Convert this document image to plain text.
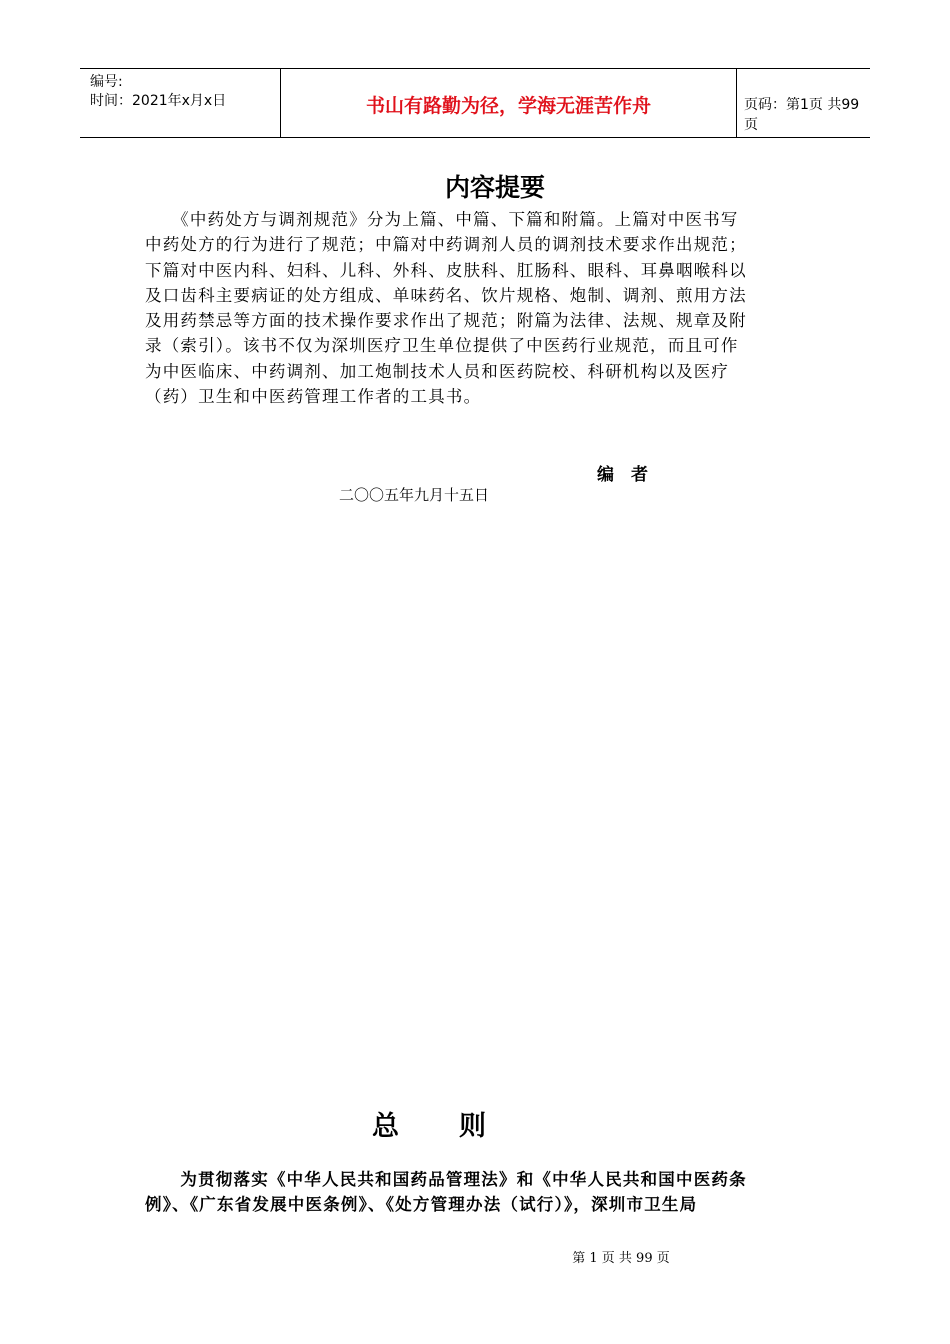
编号:
时间：2021年x月x日	书山有路勤为径，学海无涯苦作舟	页码：第1页 共99页
内容提要
　　《中药处方与调剂规范》分为上篇、中篇、下篇和附篇。上篇对中医书写
中药处方的行为进行了规范；中篇对中药调剂人员的调剂技术要求作出规范；
下篇对中医内科、妇科、儿科、外科、皮肤科、肛肠科、眼科、耳鼻咽喉科以
及口齿科主要病证的处方组成、单味药名、饮片规格、炮制、调剂、煎用方法
及用药禁忌等方面的技术操作要求作出了规范；附篇为法律、法规、规章及附
录（索引）。该书不仅为深圳医疗卫生单位提供了中医药行业规范，而且可作
为中医临床、中药调剂、加工炮制技术人员和医药院校、科研机构以及医疗
（药）卫生和中医药管理工作者的工具书。
编　者
二〇〇五年九月十五日
总　　则
　　为贯彻落实《中华人民共和国药品管理法》和《中华人民共和国中医药条
例》、《广东省发展中医条例》、《处方管理办法（试行）》，深圳市卫生局
第 1 页 共 99 页
